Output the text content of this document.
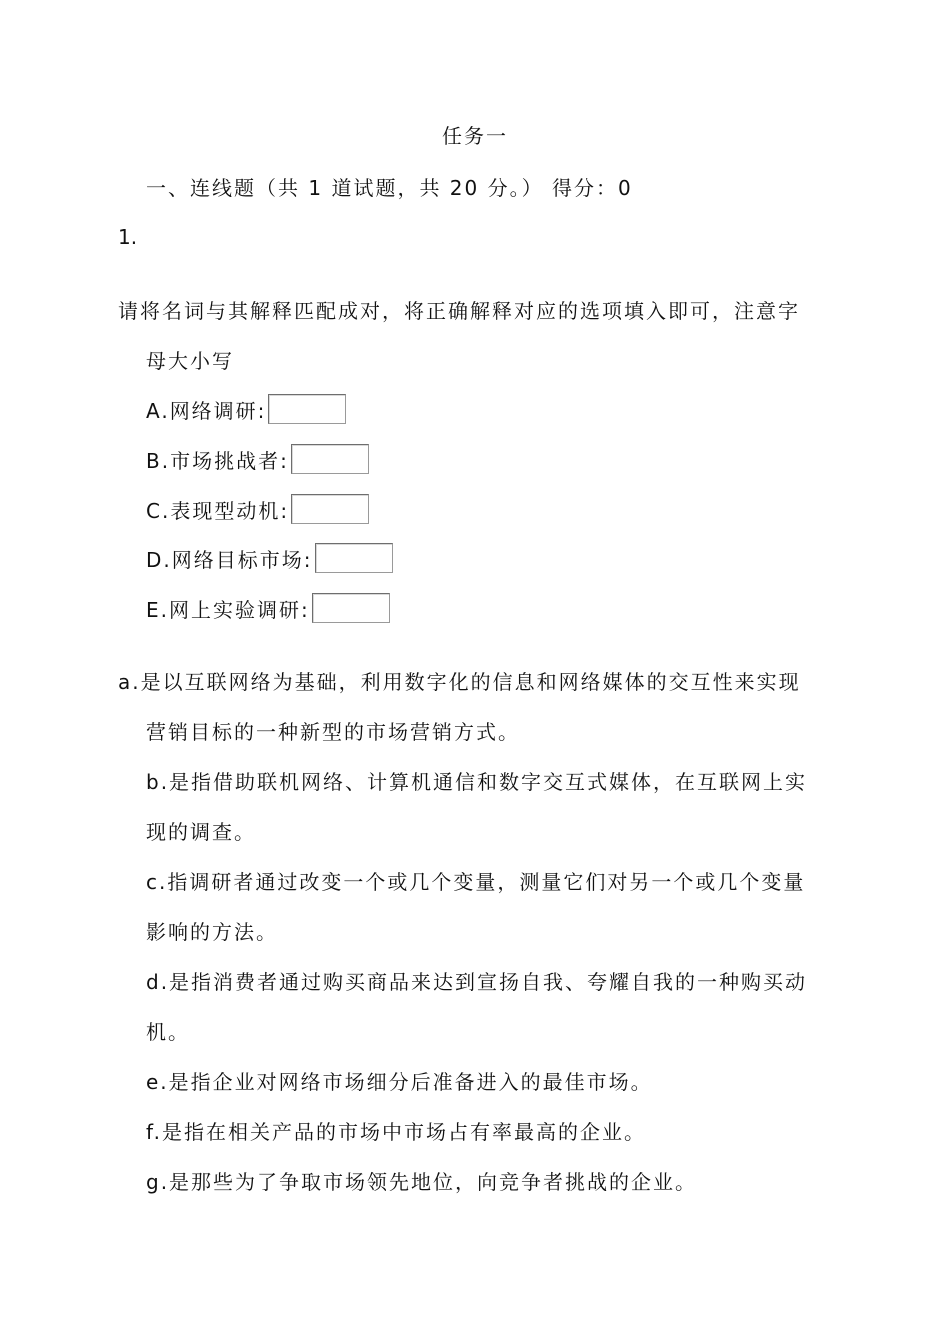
任务一
一、连线题（共 1 道试题，共 20 分。） 得分：0
1.
请将名词与其解释匹配成对，将正确解释对应的选项填入即可，注意字
母大小写
A.网络调研:
B.市场挑战者:
C.表现型动机:
D.网络目标市场:
E.网上实验调研:
a.是以互联网络为基础，利用数字化的信息和网络媒体的交互性来实现
营销目标的一种新型的市场营销方式。
b.是指借助联机网络、计算机通信和数字交互式媒体，在互联网上实
现的调查。
c.指调研者通过改变一个或几个变量，测量它们对另一个或几个变量
影响的方法。
d.是指消费者通过购买商品来达到宣扬自我、夸耀自我的一种购买动
机。
e.是指企业对网络市场细分后准备进入的最佳市场。
f.是指在相关产品的市场中市场占有率最高的企业。
g.是那些为了争取市场领先地位，向竞争者挑战的企业。
